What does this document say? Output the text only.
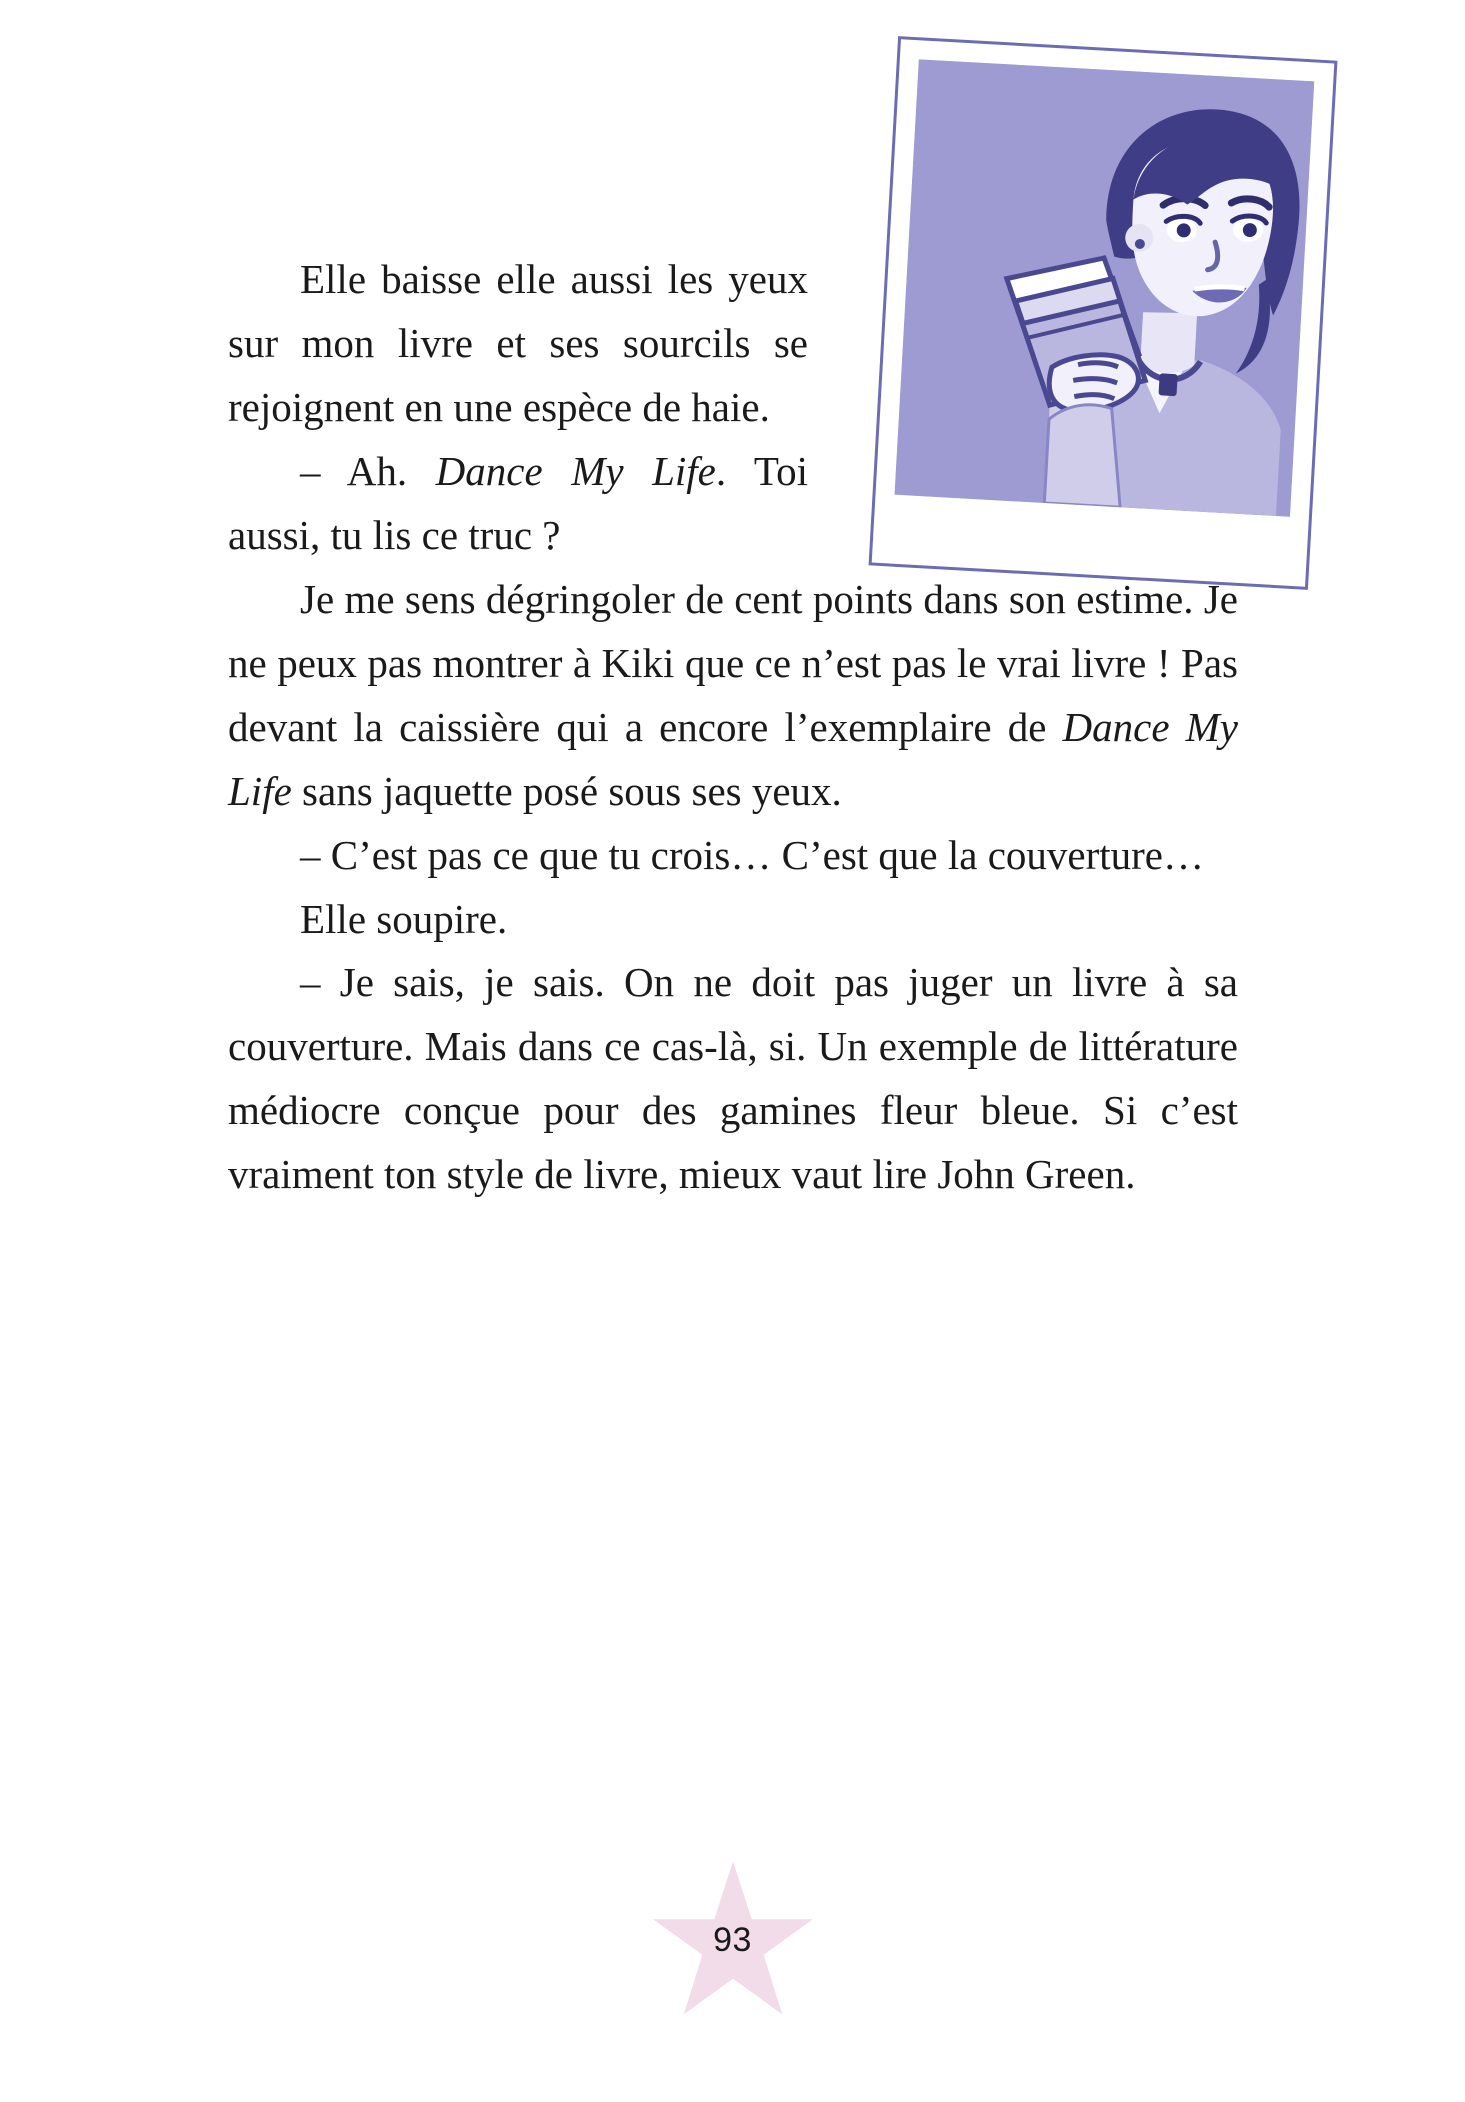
Elle baisse elle aussi les yeux sur mon livre et ses sourcils se rejoignent en une espèce de haie.

– Ah. Dance My Life. Toi aussi, tu lis ce truc ?

Je me sens dégringoler de cent points dans son estime. Je ne peux pas montrer à Kiki que ce n’est pas le vrai livre ! Pas devant la caissière qui a encore l’exemplaire de Dance My Life sans jaquette posé sous ses yeux.

– C’est pas ce que tu crois… C’est que la couverture…

Elle soupire.

– Je sais, je sais. On ne doit pas juger un livre à sa couverture. Mais dans ce cas-là, si. Un exemple de littérature médiocre conçue pour des gamines fleur bleue. Si c’est vraiment ton style de livre, mieux vaut lire John Green.

93
